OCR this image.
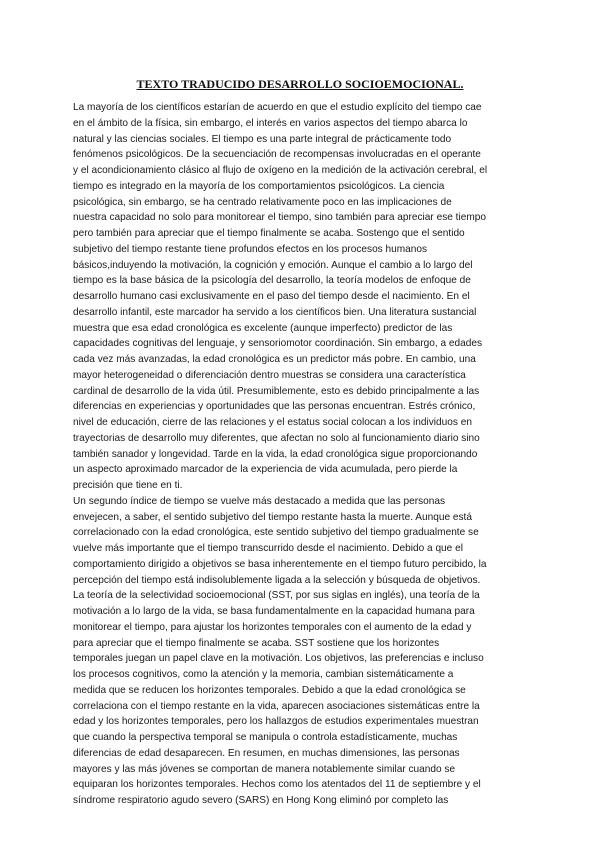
TEXTO TRADUCIDO DESARROLLO SOCIOEMOCIONAL.

La mayoría de los científicos estarían de acuerdo en que el estudio explícito del tiempo cae
en el ámbito de la física, sin embargo, el interés en varios aspectos del tiempo abarca lo
natural y las ciencias sociales. El tiempo es una parte integral de prácticamente todo
fenómenos psicológicos. De la secuenciación de recompensas involucradas en el operante
y el acondicionamiento clásico al flujo de oxígeno en la medición de la activación cerebral, el
tiempo es integrado en la mayoría de los comportamientos psicológicos. La ciencia
psicológica, sin embargo, se ha centrado relativamente poco en las implicaciones de
nuestra capacidad no solo para monitorear el tiempo, sino también para apreciar ese tiempo
pero también para apreciar que el tiempo finalmente se acaba. Sostengo que el sentido
subjetivo del tiempo restante tiene profundos efectos en los procesos humanos
básicos,induyendo la motivación, la cognición y emoción. Aunque el cambio a lo largo del
tiempo es la base básica de la psicología del desarrollo, la teoría modelos de enfoque de
desarrollo humano casi exclusivamente en el paso del tiempo desde el nacimiento. En el
desarrollo infantil, este marcador ha servido a los científicos bien. Una literatura sustancial
muestra que esa edad cronológica es excelente (aunque imperfecto) predictor de las
capacidades cognitivas del lenguaje, y sensoriomotor coordinación. Sin embargo, a edades
cada vez más avanzadas, la edad cronológica es un predictor más pobre. En cambio, una
mayor heterogeneidad o diferenciación dentro muestras se considera una característica
cardinal de desarrollo de la vida útil. Presumiblemente, esto es debido principalmente a las
diferencias en experiencias y oportunidades que las personas encuentran. Estrés crónico,
nivel de educación, cierre de las relaciones y el estatus social colocan a los individuos en
trayectorias de desarrollo muy diferentes, que afectan no solo al funcionamiento diario sino
también sanador y longevidad. Tarde en la vida, la edad cronológica sigue proporcionando
un aspecto aproximado marcador de la experiencia de vida acumulada, pero pierde la
precisión que tiene en ti.

Un segundo índice de tiempo se vuelve más destacado a medida que las personas
envejecen, a saber, el sentido subjetivo del tiempo restante hasta la muerte. Aunque está
correlacionado con la edad cronológica, este sentido subjetivo del tiempo gradualmente se
vuelve más importante que el tiempo transcurrido desde el nacimiento. Debido a que el
comportamiento dirigido a objetivos se basa inherentemente en el tiempo futuro percibido, la
percepción del tiempo está indisolublemente ligada a la selección y búsqueda de objetivos.
La teoría de la selectividad socioemocional (SST, por sus siglas en inglés), una teoría de la
motivación a lo largo de la vida, se basa fundamentalmente en la capacidad humana para
monitorear el tiempo, para ajustar los horizontes temporales con el aumento de la edad y
para apreciar que el tiempo finalmente se acaba. SST sostiene que los horizontes
temporales juegan un papel clave en la motivación. Los objetivos, las preferencias e incluso
los procesos cognitivos, como la atención y la memoria, cambian sistemáticamente a
medida que se reducen los horizontes temporales. Debido a que la edad cronológica se
correlaciona con el tiempo restante en la vida, aparecen asociaciones sistemáticas entre la
edad y los horizontes temporales, pero los hallazgos de estudios experimentales muestran
que cuando la perspectiva temporal se manipula o controla estadísticamente, muchas
diferencias de edad desaparecen. En resumen, en muchas dimensiones, las personas
mayores y las más jóvenes se comportan de manera notablemente similar cuando se
equiparan los horizontes temporales. Hechos como los atentados del 11 de septiembre y el
síndrome respiratorio agudo severo (SARS) en Hong Kong eliminó por completo las
